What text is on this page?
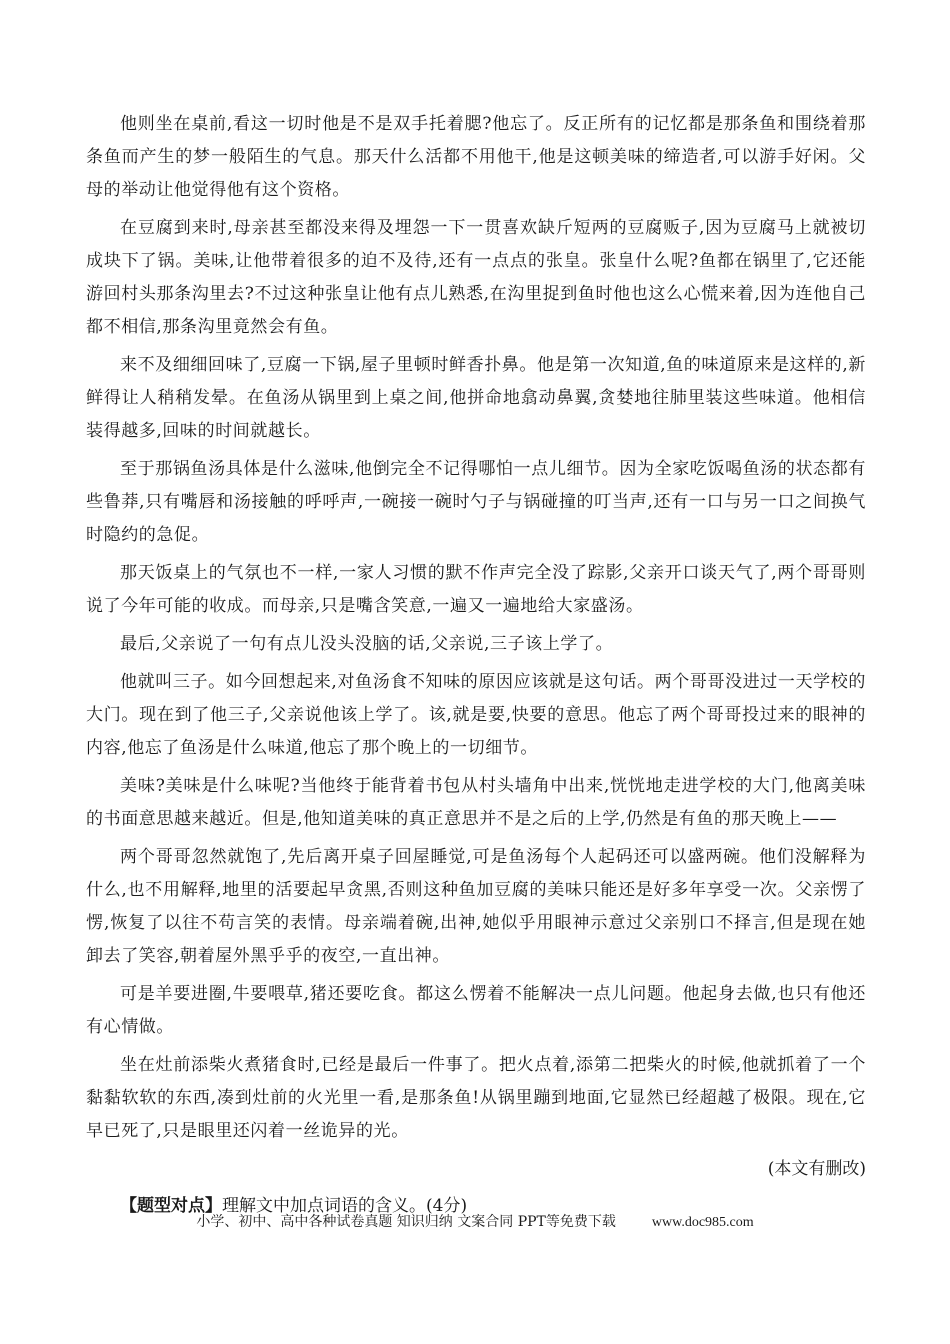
他则坐在桌前,看这一切时他是不是双手托着腮?他忘了。反正所有的记忆都是那条鱼和围绕着那条鱼而产生的梦一般陌生的气息。那天什么活都不用他干,他是这顿美味的缔造者,可以游手好闲。父母的举动让他觉得他有这个资格。

在豆腐到来时,母亲甚至都没来得及埋怨一下一贯喜欢缺斤短两的豆腐贩子,因为豆腐马上就被切成块下了锅。美味,让他带着很多的迫不及待,还有一点点的张皇。张皇什么呢?鱼都在锅里了,它还能游回村头那条沟里去?不过这种张皇让他有点儿熟悉,在沟里捉到鱼时他也这么心慌来着,因为连他自己都不相信,那条沟里竟然会有鱼。

来不及细细回味了,豆腐一下锅,屋子里顿时鲜香扑鼻。他是第一次知道,鱼的味道原来是这样的,新鲜得让人稍稍发晕。在鱼汤从锅里到上桌之间,他拼命地翕动鼻翼,贪婪地往肺里装这些味道。他相信装得越多,回味的时间就越长。

至于那锅鱼汤具体是什么滋味,他倒完全不记得哪怕一点儿细节。因为全家吃饭喝鱼汤的状态都有些鲁莽,只有嘴唇和汤接触的呼呼声,一碗接一碗时勺子与锅碰撞的叮当声,还有一口与另一口之间换气时隐约的急促。

那天饭桌上的气氛也不一样,一家人习惯的默不作声完全没了踪影,父亲开口谈天气了,两个哥哥则说了今年可能的收成。而母亲,只是嘴含笑意,一遍又一遍地给大家盛汤。

最后,父亲说了一句有点儿没头没脑的话,父亲说,三子该上学了。

他就叫三子。如今回想起来,对鱼汤食不知味的原因应该就是这句话。两个哥哥没进过一天学校的大门。现在到了他三子,父亲说他该上学了。该,就是要,快要的意思。他忘了两个哥哥投过来的眼神的内容,他忘了鱼汤是什么味道,他忘了那个晚上的一切细节。

美味?美味是什么味呢?当他终于能背着书包从村头墙角中出来,恍恍地走进学校的大门,他离美味的书面意思越来越近。但是,他知道美味的真正意思并不是之后的上学,仍然是有鱼的那天晚上——

两个哥哥忽然就饱了,先后离开桌子回屋睡觉,可是鱼汤每个人起码还可以盛两碗。他们没解释为什么,也不用解释,地里的活要起早贪黑,否则这种鱼加豆腐的美味只能还是好多年享受一次。父亲愣了愣,恢复了以往不苟言笑的表情。母亲端着碗,出神,她似乎用眼神示意过父亲别口不择言,但是现在她卸去了笑容,朝着屋外黑乎乎的夜空,一直出神。

可是羊要进圈,牛要喂草,猪还要吃食。都这么愣着不能解决一点儿问题。他起身去做,也只有他还有心情做。

坐在灶前添柴火煮猪食时,已经是最后一件事了。把火点着,添第二把柴火的时候,他就抓着了一个黏黏软软的东西,凑到灶前的火光里一看,是那条鱼!从锅里蹦到地面,它显然已经超越了极限。现在,它早已死了,只是眼里还闪着一丝诡异的光。

(本文有删改)

【题型对点】理解文中加点词语的含义。(4分)

小学、初中、高中各种试卷真题 知识归纳 文案合同 PPT等免费下载	www.doc985.com
